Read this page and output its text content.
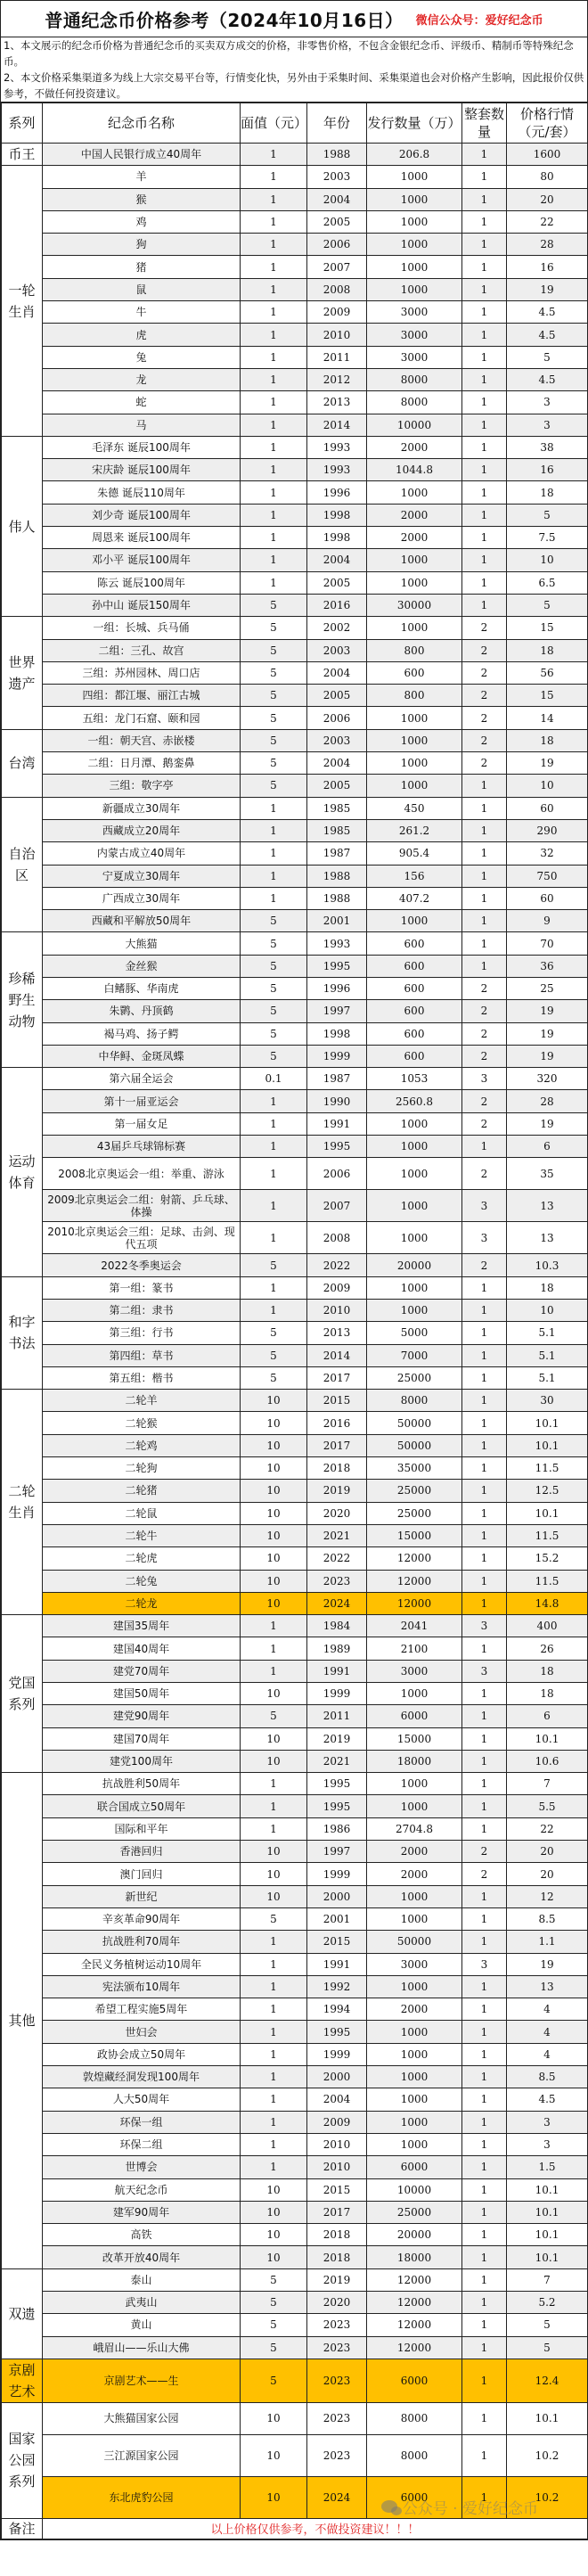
普通纪念币价格参考（2024年10月16日） 微信公众号：爱好纪念币
1、本文展示的纪念币价格为普通纪念币的买卖双方成交的价格，非零售价格，不包含金银纪念币、评级币、精制币等特殊纪念币。
2、本文价格采集渠道多为线上大宗交易平台等，行情变化快，另外由于采集时间、采集渠道也会对价格产生影响，因此报价仅供参考，不做任何投资建议。
系列	纪念币名称	面值（元）	年份	发行数量（万）	整套数量	价格行情（元/套）
币王	中国人民银行成立40周年	1	1988	206.8	1	1600
一轮生肖	羊	1	2003	1000	1	80
	猴	1	2004	1000	1	20
	鸡	1	2005	1000	1	22
	狗	1	2006	1000	1	28
	猪	1	2007	1000	1	16
	鼠	1	2008	1000	1	19
	牛	1	2009	3000	1	4.5
	虎	1	2010	3000	1	4.5
	兔	1	2011	3000	1	5
	龙	1	2012	8000	1	4.5
	蛇	1	2013	8000	1	3
	马	1	2014	10000	1	3
伟人	毛泽东 诞辰100周年	1	1993	2000	1	38
	宋庆龄 诞辰100周年	1	1993	1044.8	1	16
	朱德 诞辰110周年	1	1996	1000	1	18
	刘少奇 诞辰100周年	1	1998	2000	1	5
	周恩来 诞辰100周年	1	1998	2000	1	7.5
	邓小平 诞辰100周年	1	2004	1000	1	10
	陈云 诞辰100周年	1	2005	1000	1	6.5
	孙中山 诞辰150周年	5	2016	30000	1	5
世界遗产	一组：长城、兵马俑	5	2002	1000	2	15
	二组：三孔、故宫	5	2003	800	2	18
	三组：苏州园林、周口店	5	2004	600	2	56
	四组：都江堰、丽江古城	5	2005	800	2	15
	五组：龙门石窟、颐和园	5	2006	1000	2	14
台湾	一组：朝天宫、赤嵌楼	5	2003	1000	2	18
	二组：日月潭、鹅銮鼻	5	2004	1000	2	19
	三组：敬字亭	5	2005	1000	1	10
自治区	新疆成立30周年	1	1985	450	1	60
	西藏成立20周年	1	1985	261.2	1	290
	内蒙古成立40周年	1	1987	905.4	1	32
	宁夏成立30周年	1	1988	156	1	750
	广西成立30周年	1	1988	407.2	1	60
	西藏和平解放50周年	5	2001	1000	1	9
珍稀野生动物	大熊猫	5	1993	600	1	70
	金丝猴	5	1995	600	1	36
	白鳍豚、华南虎	5	1996	600	2	25
	朱鹮、丹顶鹤	5	1997	600	2	19
	褐马鸡、扬子鳄	5	1998	600	2	19
	中华鲟、金斑凤蝶	5	1999	600	2	19
运动体育	第六届全运会	0.1	1987	1053	3	320
	第十一届亚运会	1	1990	2560.8	2	28
	第一届女足	1	1991	1000	2	19
	43届乒乓球锦标赛	1	1995	1000	1	6
	2008北京奥运会一组：举重、游泳	1	2006	1000	2	35
	2009北京奥运会二组：射箭、乒乓球、体操	1	2007	1000	3	13
	2010北京奥运会三组：足球、击剑、现代五项	1	2008	1000	3	13
	2022冬季奥运会	5	2022	20000	2	10.3
和字书法	第一组：篆书	1	2009	1000	1	18
	第二组：隶书	1	2010	1000	1	10
	第三组：行书	5	2013	5000	1	5.1
	第四组：草书	5	2014	7000	1	5.1
	第五组：楷书	5	2017	25000	1	5.1
二轮生肖	二轮羊	10	2015	8000	1	30
	二轮猴	10	2016	50000	1	10.1
	二轮鸡	10	2017	50000	1	10.1
	二轮狗	10	2018	35000	1	11.5
	二轮猪	10	2019	25000	1	12.5
	二轮鼠	10	2020	25000	1	10.1
	二轮牛	10	2021	15000	1	11.5
	二轮虎	10	2022	12000	1	15.2
	二轮兔	10	2023	12000	1	11.5
	二轮龙	10	2024	12000	1	14.8
党国系列	建国35周年	1	1984	2041	3	400
	建国40周年	1	1989	2100	1	26
	建党70周年	1	1991	3000	3	18
	建国50周年	10	1999	1000	1	18
	建党90周年	5	2011	6000	1	6
	建国70周年	10	2019	15000	1	10.1
	建党100周年	10	2021	18000	1	10.6
其他	抗战胜利50周年	1	1995	1000	1	7
	联合国成立50周年	1	1995	1000	1	5.5
	国际和平年	1	1986	2704.8	1	22
	香港回归	10	1997	2000	2	20
	澳门回归	10	1999	2000	2	20
	新世纪	10	2000	1000	1	12
	辛亥革命90周年	5	2001	1000	1	8.5
	抗战胜利70周年	1	2015	50000	1	1.1
	全民义务植树运动10周年	1	1991	3000	3	19
	宪法颁布10周年	1	1992	1000	1	13
	希望工程实施5周年	1	1994	2000	1	4
	世妇会	1	1995	1000	1	4
	政协会成立50周年	1	1999	1000	1	4
	敦煌藏经洞发现100周年	1	2000	1000	1	8.5
	人大50周年	1	2004	1000	1	4.5
	环保一组	1	2009	1000	1	3
	环保二组	1	2010	1000	1	3
	世博会	1	2010	6000	1	1.5
	航天纪念币	10	2015	10000	1	10.1
	建军90周年	10	2017	25000	1	10.1
	高铁	10	2018	20000	1	10.1
	改革开放40周年	10	2018	18000	1	10.1
双遗	泰山	5	2019	12000	1	7
	武夷山	5	2020	12000	1	5.2
	黄山	5	2023	12000	1	5
	峨眉山——乐山大佛	5	2023	12000	1	5
京剧艺术	京剧艺术——生	5	2023	6000	1	12.4
国家公园系列	大熊猫国家公园	10	2023	8000	1	10.1
	三江源国家公园	10	2023	8000	1	10.2
	东北虎豹公园	10	2024	6000	1	10.2
备注	以上价格仅供参考，不做投资建议！！！					
公众号 · 爱好纪念币
